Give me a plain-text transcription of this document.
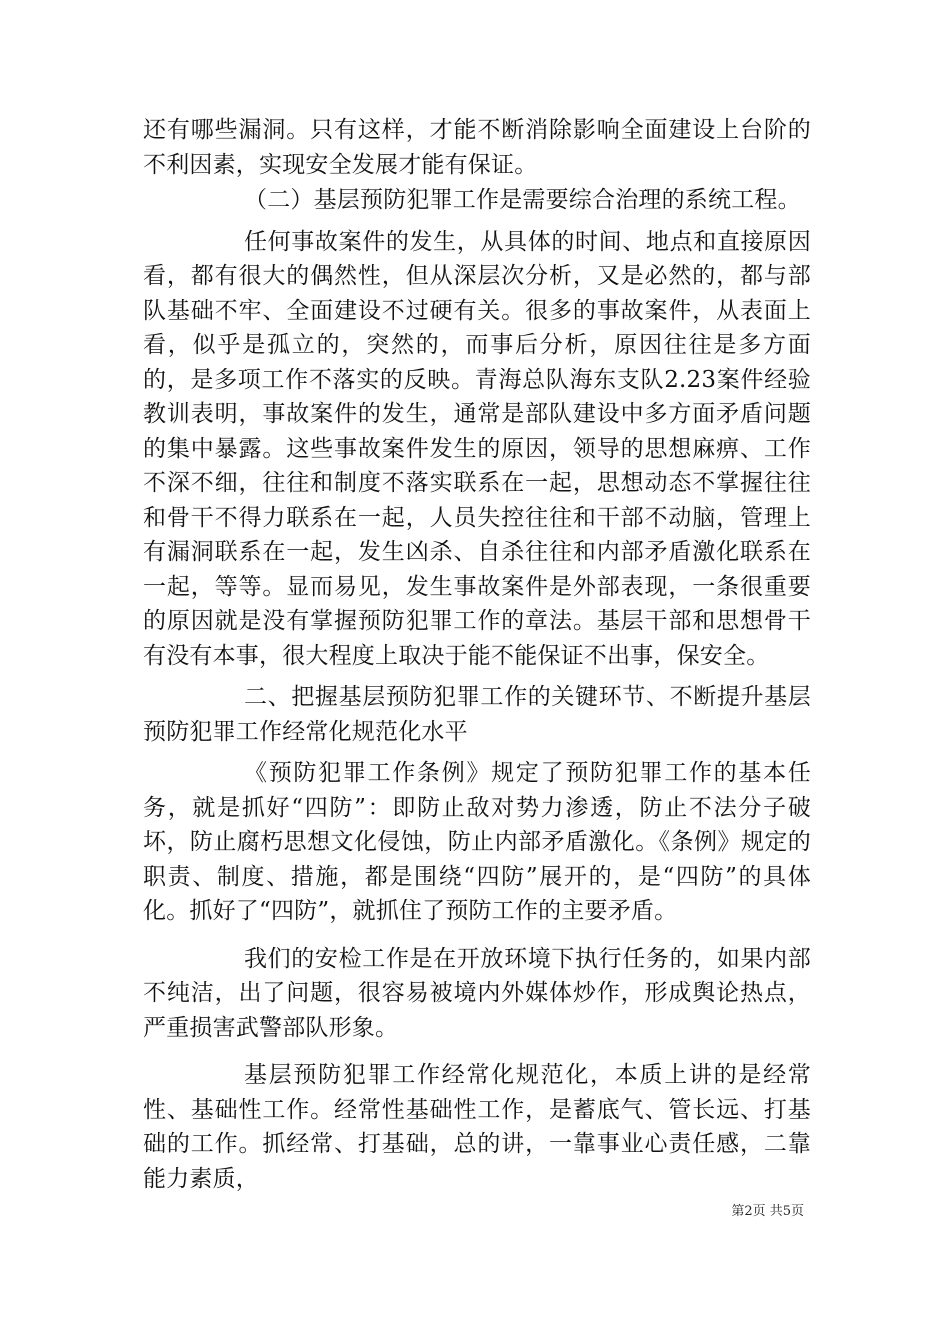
还有哪些漏洞。只有这样，才能不断消除影响全面建设上台阶的不利因素，实现安全发展才能有保证。

（二）基层预防犯罪工作是需要综合治理的系统工程。

任何事故案件的发生，从具体的时间、地点和直接原因看，都有很大的偶然性，但从深层次分析，又是必然的，都与部队基础不牢、全面建设不过硬有关。很多的事故案件，从表面上看，似乎是孤立的，突然的，而事后分析，原因往往是多方面的，是多项工作不落实的反映。青海总队海东支队2.23案件经验教训表明，事故案件的发生，通常是部队建设中多方面矛盾问题的集中暴露。这些事故案件发生的原因，领导的思想麻痹、工作不深不细，往往和制度不落实联系在一起，思想动态不掌握往往和骨干不得力联系在一起，人员失控往往和干部不动脑，管理上有漏洞联系在一起，发生凶杀、自杀往往和内部矛盾激化联系在一起，等等。显而易见，发生事故案件是外部表现，一条很重要的原因就是没有掌握预防犯罪工作的章法。基层干部和思想骨干有没有本事，很大程度上取决于能不能保证不出事，保安全。

二、把握基层预防犯罪工作的关键环节、不断提升基层预防犯罪工作经常化规范化水平

《预防犯罪工作条例》规定了预防犯罪工作的基本任务，就是抓好“四防”：即防止敌对势力渗透，防止不法分子破坏，防止腐朽思想文化侵蚀，防止内部矛盾激化。《条例》规定的职责、制度、措施，都是围绕“四防”展开的，是“四防”的具体化。抓好了“四防”，就抓住了预防工作的主要矛盾。

我们的安检工作是在开放环境下执行任务的，如果内部不纯洁，出了问题，很容易被境内外媒体炒作，形成舆论热点，严重损害武警部队形象。

基层预防犯罪工作经常化规范化，本质上讲的是经常性、基础性工作。经常性基础性工作，是蓄底气、管长远、打基础的工作。抓经常、打基础，总的讲，一靠事业心责任感，二靠能力素质，

第2页 共5页
